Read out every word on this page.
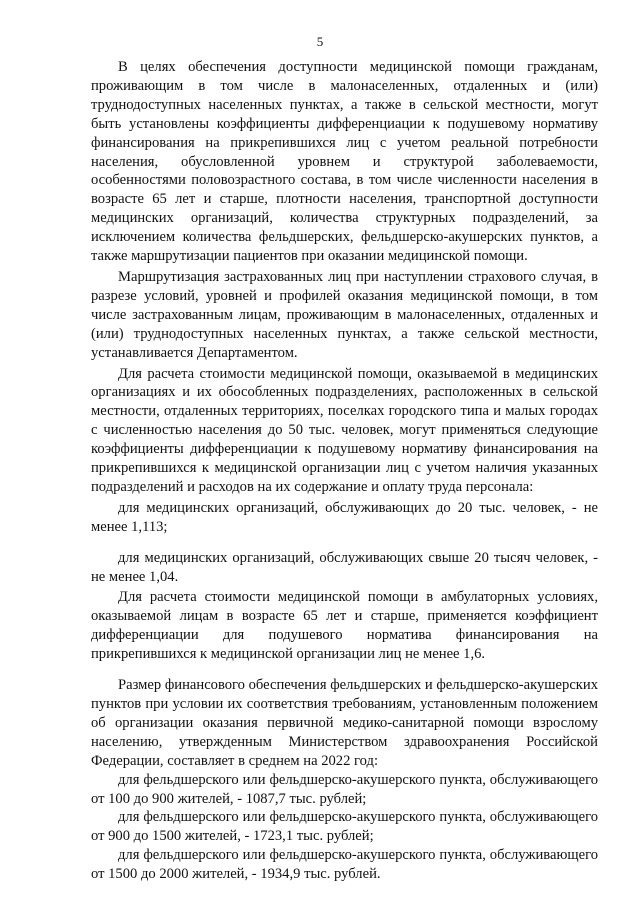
5

В целях обеспечения доступности медицинской помощи гражданам, проживающим в том числе в малонаселенных, отдаленных и (или) труднодоступных населенных пунктах, а также в сельской местности, могут быть установлены коэффициенты дифференциации к подушевому нормативу финансирования на прикрепившихся лиц с учетом реальной потребности населения, обусловленной уровнем и структурой заболеваемости, особенностями половозрастного состава, в том числе численности населения в возрасте 65 лет и старше, плотности населения, транспортной доступности медицинских организаций, количества структурных подразделений, за исключением количества фельдшерских, фельдшерско-акушерских пунктов, а также маршрутизации пациентов при оказании медицинской помощи.

Маршрутизация застрахованных лиц при наступлении страхового случая, в разрезе условий, уровней и профилей оказания медицинской помощи, в том числе застрахованным лицам, проживающим в малонаселенных, отдаленных и (или) труднодоступных населенных пунктах, а также сельской местности, устанавливается Департаментом.

Для расчета стоимости медицинской помощи, оказываемой в медицинских организациях и их обособленных подразделениях, расположенных в сельской местности, отдаленных территориях, поселках городского типа и малых городах с численностью населения до 50 тыс. человек, могут применяться следующие коэффициенты дифференциации к подушевому нормативу финансирования на прикрепившихся к медицинской организации лиц с учетом наличия указанных подразделений и расходов на их содержание и оплату труда персонала:

для медицинских организаций, обслуживающих до 20 тыс. человек, - не менее 1,113;

для медицинских организаций, обслуживающих свыше 20 тысяч человек, - не менее 1,04.

Для расчета стоимости медицинской помощи в амбулаторных условиях, оказываемой лицам в возрасте 65 лет и старше, применяется коэффициент дифференциации для подушевого норматива финансирования на прикрепившихся к медицинской организации лиц не менее 1,6.

Размер финансового обеспечения фельдшерских и фельдшерско-акушерских пунктов при условии их соответствия требованиям, установленным положением об организации оказания первичной медико-санитарной помощи взрослому населению, утвержденным Министерством здравоохранения Российской Федерации, составляет в среднем на 2022 год:

для фельдшерского или фельдшерско-акушерского пункта, обслуживающего от 100 до 900 жителей, - 1087,7 тыс. рублей;

для фельдшерского или фельдшерско-акушерского пункта, обслуживающего от 900 до 1500 жителей, - 1723,1 тыс. рублей;

для фельдшерского или фельдшерско-акушерского пункта, обслуживающего от 1500 до 2000 жителей, - 1934,9 тыс. рублей.
